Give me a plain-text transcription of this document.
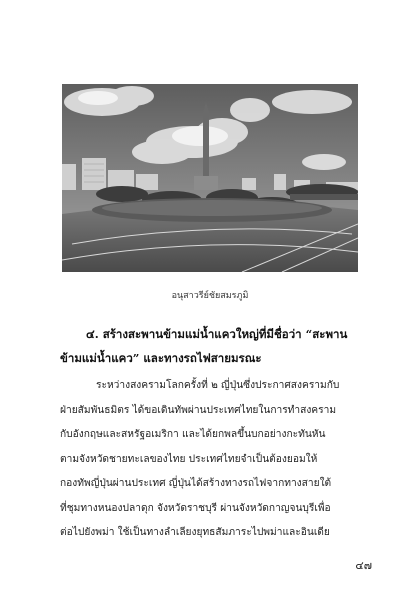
อนุสาวรีย์ชัยสมรภูมิ
๔. สร้างสะพานข้ามแม่น้ำแควใหญ่ที่มีชื่อว่า “สะพาน
ข้ามแม่น้ำแคว” และทางรถไฟสายมรณะ
ระหว่างสงครามโลกครั้งที่ ๒ ญี่ปุ่นซึ่งประกาศสงครามกับ
ฝ่ายสัมพันธมิตร ได้ขอเดินทัพผ่านประเทศไทยในการทำสงคราม
กับอังกฤษและสหรัฐอเมริกา และได้ยกพลขึ้นบกอย่างกะทันหัน
ตามจังหวัดชายทะเลของไทย ประเทศไทยจำเป็นต้องยอมให้
กองทัพญี่ปุ่นผ่านประเทศ ญี่ปุ่นได้สร้างทางรถไฟจากทางสายใต้
ที่ชุมทางหนองปลาดุก จังหวัดราชบุรี ผ่านจังหวัดกาญจนบุรีเพื่อ
ต่อไปยังพม่า ใช้เป็นทางลำเลียงยุทธสัมภาระไปพม่าและอินเดีย
๔๗
